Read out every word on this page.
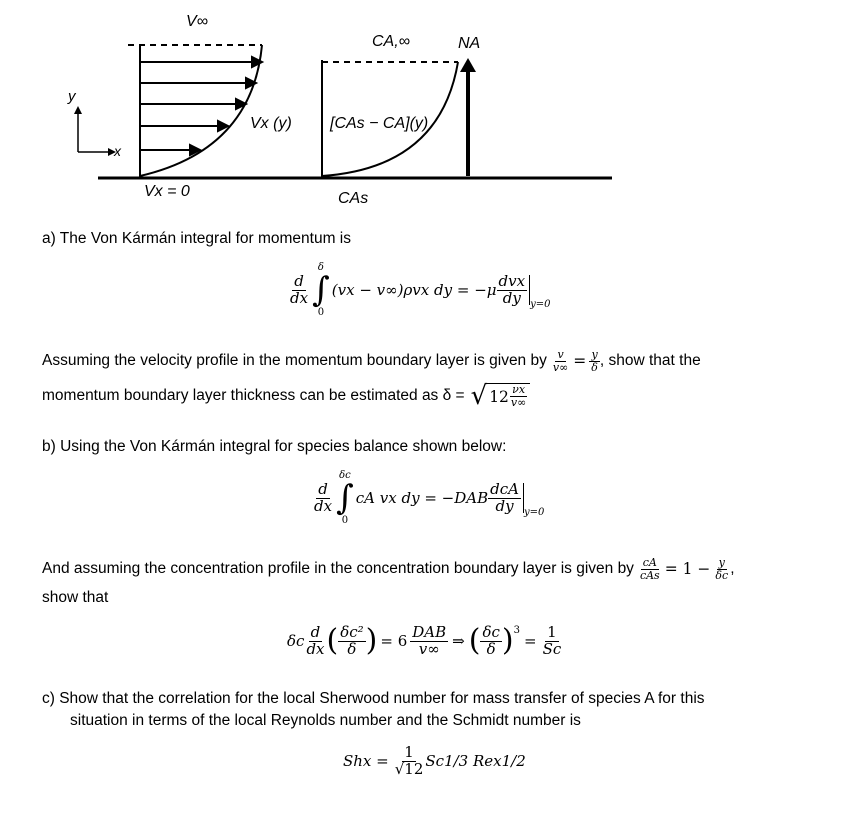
V∞
CA,∞	NA
y
x
Vx (y) [CAs − CA](y)
Vx = 0	CAs
a) The Von Kármán integral for momentum is
$\frac{d}{dx}$
δ
∫
0
(vx − v∞)ρvx dy = $-\mu \frac{\text{dvx}}{dy} y=0$
Assuming the velocity profile in the momentum boundary layer is given by $\frac{v}{v\infty} = \frac{y}{\delta}$ , show that the
momentum boundary layer thickness can be estimated as δ = √ $12 \frac{\nu x}{v\infty}$
b) Using the Von Kármán integral for species balance shown below:
$\frac{d}{dx}$
δc
∫
0
cA vx dy = $-DAB \frac{\text{dcA}}{dy} y=0$
And assuming the concentration profile in the concentration boundary layer is given by $\frac{cA}{\text{cAs}} = 1 - \frac{y}{\delta c}$ ,
show that
δc $\frac{d}{dx}$ ( $\frac{\text{δc²}}{\delta}$ ) = $6 \frac{\text{DAB}}{v\infty}$ ⇒ ( $\frac{\delta c}{\delta}$ ) 3
= $\frac{1}{Sc}$
c) Show that the correlation for the local Sherwood number for mass transfer of species A for this
situation in terms of the local Reynolds number and the Schmidt number is
Shx = $\frac{1}{√12} Sc1/3$ Rex1/2
